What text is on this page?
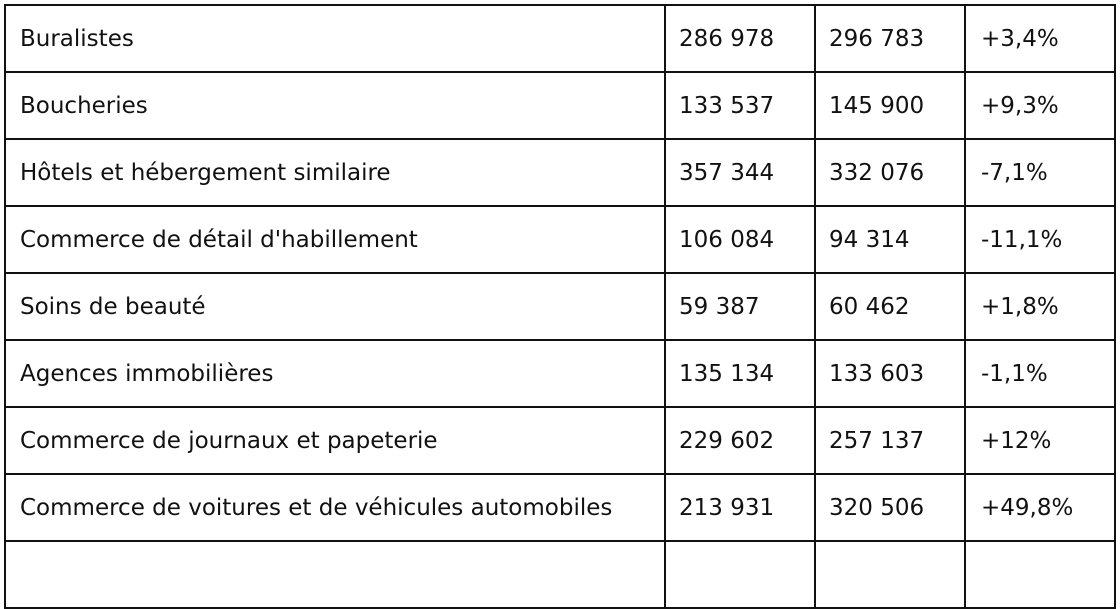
Buralistes	286 978	296 783	+3,4%
Boucheries	133 537	145 900	+9,3%
Hôtels et hébergement similaire	357 344	332 076	-7,1%
Commerce de détail d'habillement	106 084	94 314	-11,1%
Soins de beauté	59 387	60 462	+1,8%
Agences immobilières	135 134	133 603	-1,1%
Commerce de journaux et papeterie	229 602	257 137	+12%
Commerce de voitures et de véhicules automobiles	213 931	320 506	+49,8%
